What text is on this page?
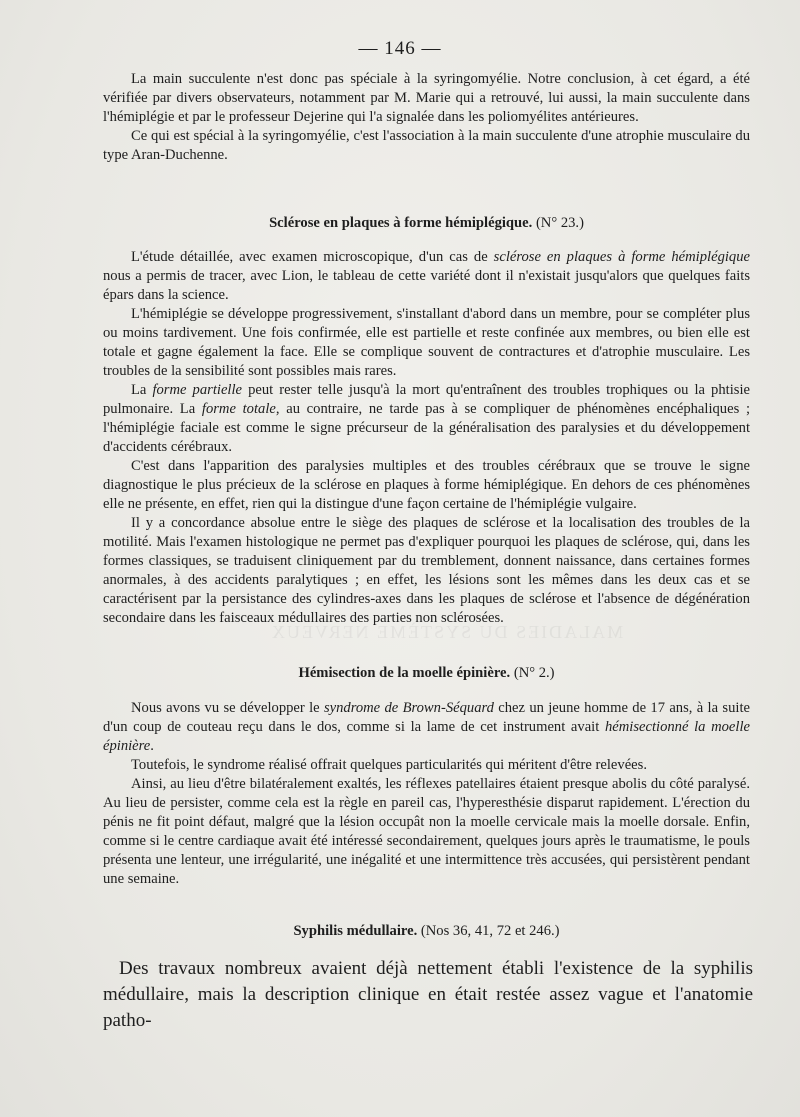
MALADIES DU SYSTÈME NERVEUX
— 146 —

La main succulente n'est donc pas spéciale à la syringomyélie. Notre conclusion, à cet égard, a été vérifiée par divers observateurs, notamment par M. Marie qui a retrouvé, lui aussi, la main succulente dans l'hémiplégie et par le professeur Dejerine qui l'a signalée dans les poliomyélites antérieures.

Ce qui est spécial à la syringomyélie, c'est l'association à la main succulente d'une atrophie musculaire du type Aran-Duchenne.

Sclérose en plaques à forme hémiplégique. (N° 23.)

L'étude détaillée, avec examen microscopique, d'un cas de sclérose en plaques à forme hémiplégique nous a permis de tracer, avec Lion, le tableau de cette variété dont il n'existait jusqu'alors que quelques faits épars dans la science.

L'hémiplégie se développe progressivement, s'installant d'abord dans un membre, pour se compléter plus ou moins tardivement. Une fois confirmée, elle est partielle et reste confinée aux membres, ou bien elle est totale et gagne également la face. Elle se complique souvent de contractures et d'atrophie musculaire. Les troubles de la sensibilité sont possibles mais rares.

La forme partielle peut rester telle jusqu'à la mort qu'entraînent des troubles trophiques ou la phtisie pulmonaire. La forme totale, au contraire, ne tarde pas à se compliquer de phénomènes encéphaliques ; l'hémiplégie faciale est comme le signe précurseur de la généralisation des paralysies et du développement d'accidents cérébraux.

C'est dans l'apparition des paralysies multiples et des troubles cérébraux que se trouve le signe diagnostique le plus précieux de la sclérose en plaques à forme hémiplégique. En dehors de ces phénomènes elle ne présente, en effet, rien qui la distingue d'une façon certaine de l'hémiplégie vulgaire.

Il y a concordance absolue entre le siège des plaques de sclérose et la localisation des troubles de la motilité. Mais l'examen histologique ne permet pas d'expliquer pourquoi les plaques de sclérose, qui, dans les formes classiques, se traduisent cliniquement par du tremblement, donnent naissance, dans certaines formes anormales, à des accidents paralytiques ; en effet, les lésions sont les mêmes dans les deux cas et se caractérisent par la persistance des cylindres-axes dans les plaques de sclérose et l'absence de dégénération secondaire dans les faisceaux médullaires des parties non sclérosées.

Hémisection de la moelle épinière. (N° 2.)

Nous avons vu se développer le syndrome de Brown-Séquard chez un jeune homme de 17 ans, à la suite d'un coup de couteau reçu dans le dos, comme si la lame de cet instrument avait hémisectionné la moelle épinière.

Toutefois, le syndrome réalisé offrait quelques particularités qui méritent d'être relevées.

Ainsi, au lieu d'être bilatéralement exaltés, les réflexes patellaires étaient presque abolis du côté paralysé. Au lieu de persister, comme cela est la règle en pareil cas, l'hyperesthésie disparut rapidement. L'érection du pénis ne fit point défaut, malgré que la lésion occupât non la moelle cervicale mais la moelle dorsale. Enfin, comme si le centre cardiaque avait été intéressé secondairement, quelques jours après le traumatisme, le pouls présenta une lenteur, une irrégularité, une inégalité et une intermittence très accusées, qui persistèrent pendant une semaine.

Syphilis médullaire. (Nos 36, 41, 72 et 246.)

Des travaux nombreux avaient déjà nettement établi l'existence de la syphilis médullaire, mais la description clinique en était restée assez vague et l'anatomie patho-
